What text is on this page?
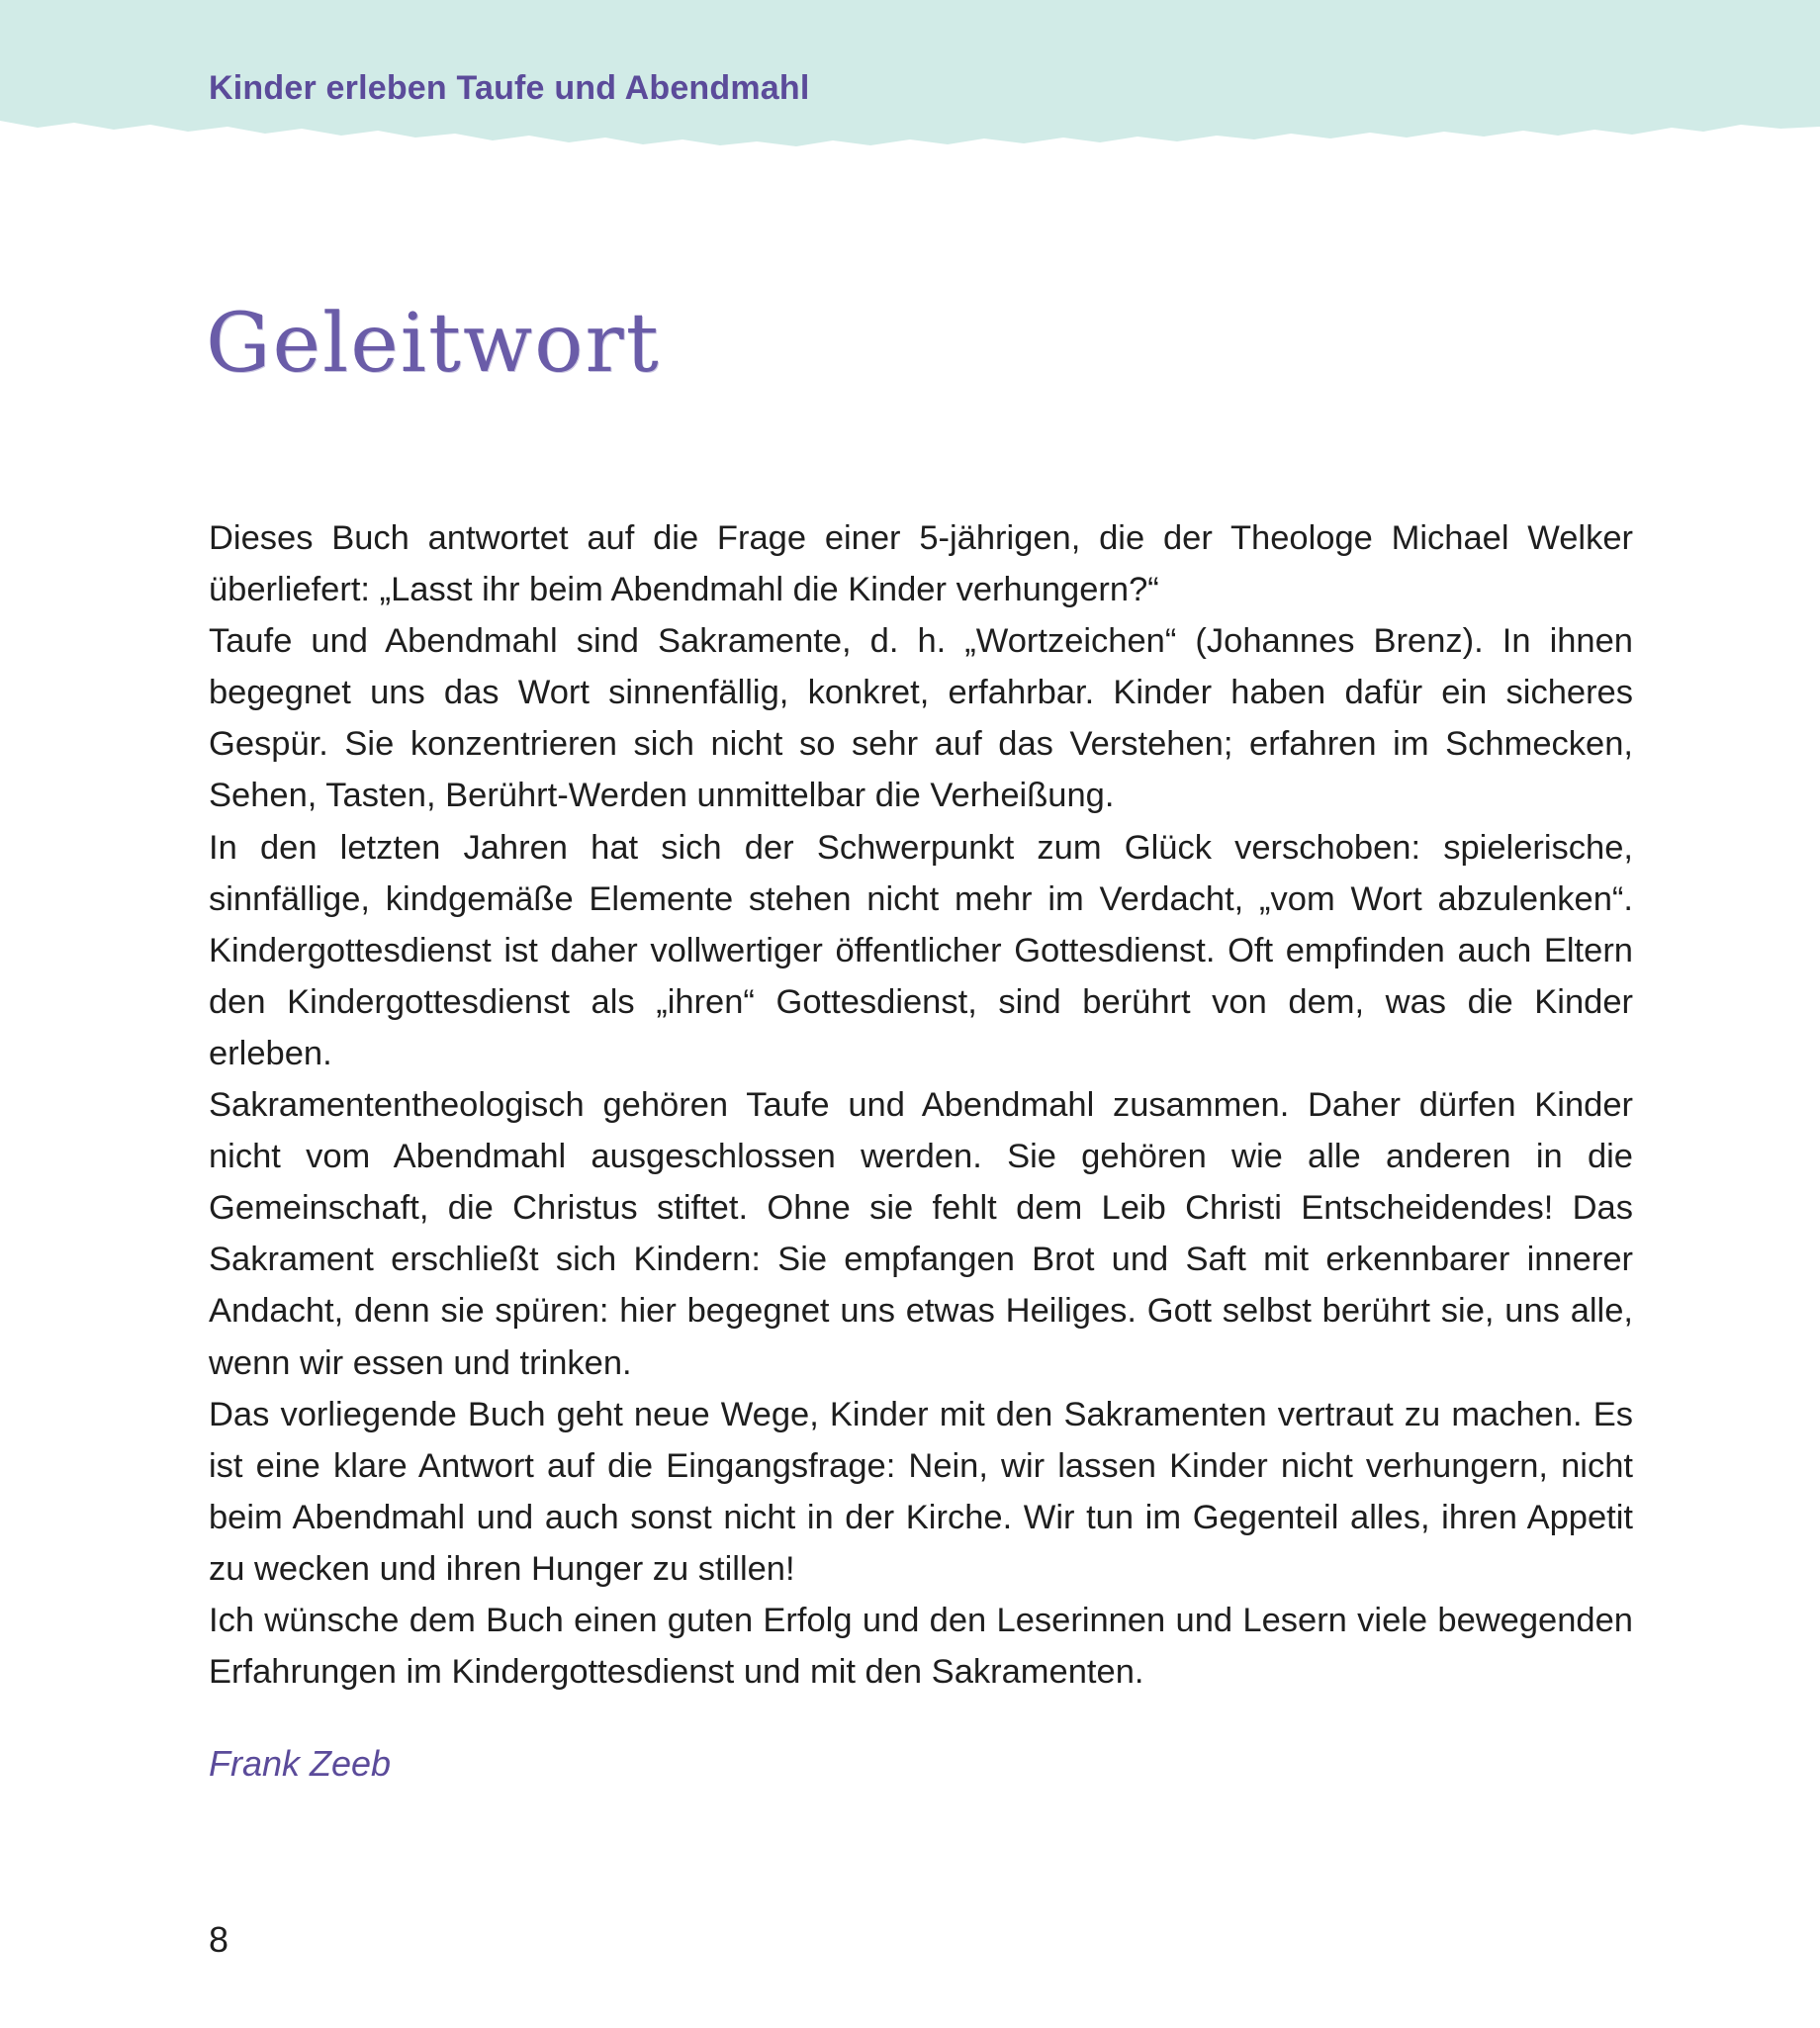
Kinder erleben Taufe und Abendmahl
Geleitwort

Dieses Buch antwortet auf die Frage einer 5-jährigen, die der Theologe Michael Welker überliefert: „Lasst ihr beim Abendmahl die Kinder verhungern?“

Taufe und Abendmahl sind Sakramente, d. h. „Wortzeichen“ (Johannes Brenz). In ihnen begegnet uns das Wort sinnenfällig, konkret, erfahrbar. Kinder haben dafür ein sicheres Gespür. Sie konzentrieren sich nicht so sehr auf das Verstehen; erfahren im Schmecken, Sehen, Tasten, Berührt-Werden unmittelbar die Verheißung.

In den letzten Jahren hat sich der Schwerpunkt zum Glück verschoben: spielerische, sinnfällige, kindgemäße Elemente stehen nicht mehr im Verdacht, „vom Wort abzulenken“. Kindergottesdienst ist daher vollwertiger öffentlicher Gottesdienst. Oft empfinden auch Eltern den Kindergottesdienst als „ihren“ Gottesdienst, sind berührt von dem, was die Kinder erleben.

Sakramententheologisch gehören Taufe und Abendmahl zusammen. Daher dürfen Kinder nicht vom Abendmahl ausgeschlossen werden. Sie gehören wie alle anderen in die Gemeinschaft, die Christus stiftet. Ohne sie fehlt dem Leib Christi Entscheidendes! Das Sakrament erschließt sich Kindern: Sie empfangen Brot und Saft mit erkennbarer innerer Andacht, denn sie spüren: hier begegnet uns etwas Heiliges. Gott selbst berührt sie, uns alle, wenn wir essen und trinken.

Das vorliegende Buch geht neue Wege, Kinder mit den Sakramenten vertraut zu machen. Es ist eine klare Antwort auf die Eingangsfrage: Nein, wir lassen Kinder nicht verhungern, nicht beim Abendmahl und auch sonst nicht in der Kirche. Wir tun im Gegenteil alles, ihren Appetit zu wecken und ihren Hunger zu stillen!

Ich wünsche dem Buch einen guten Erfolg und den Leserinnen und Lesern viele bewegenden Erfahrungen im Kindergottesdienst und mit den Sakramenten.

Frank Zeeb
8
